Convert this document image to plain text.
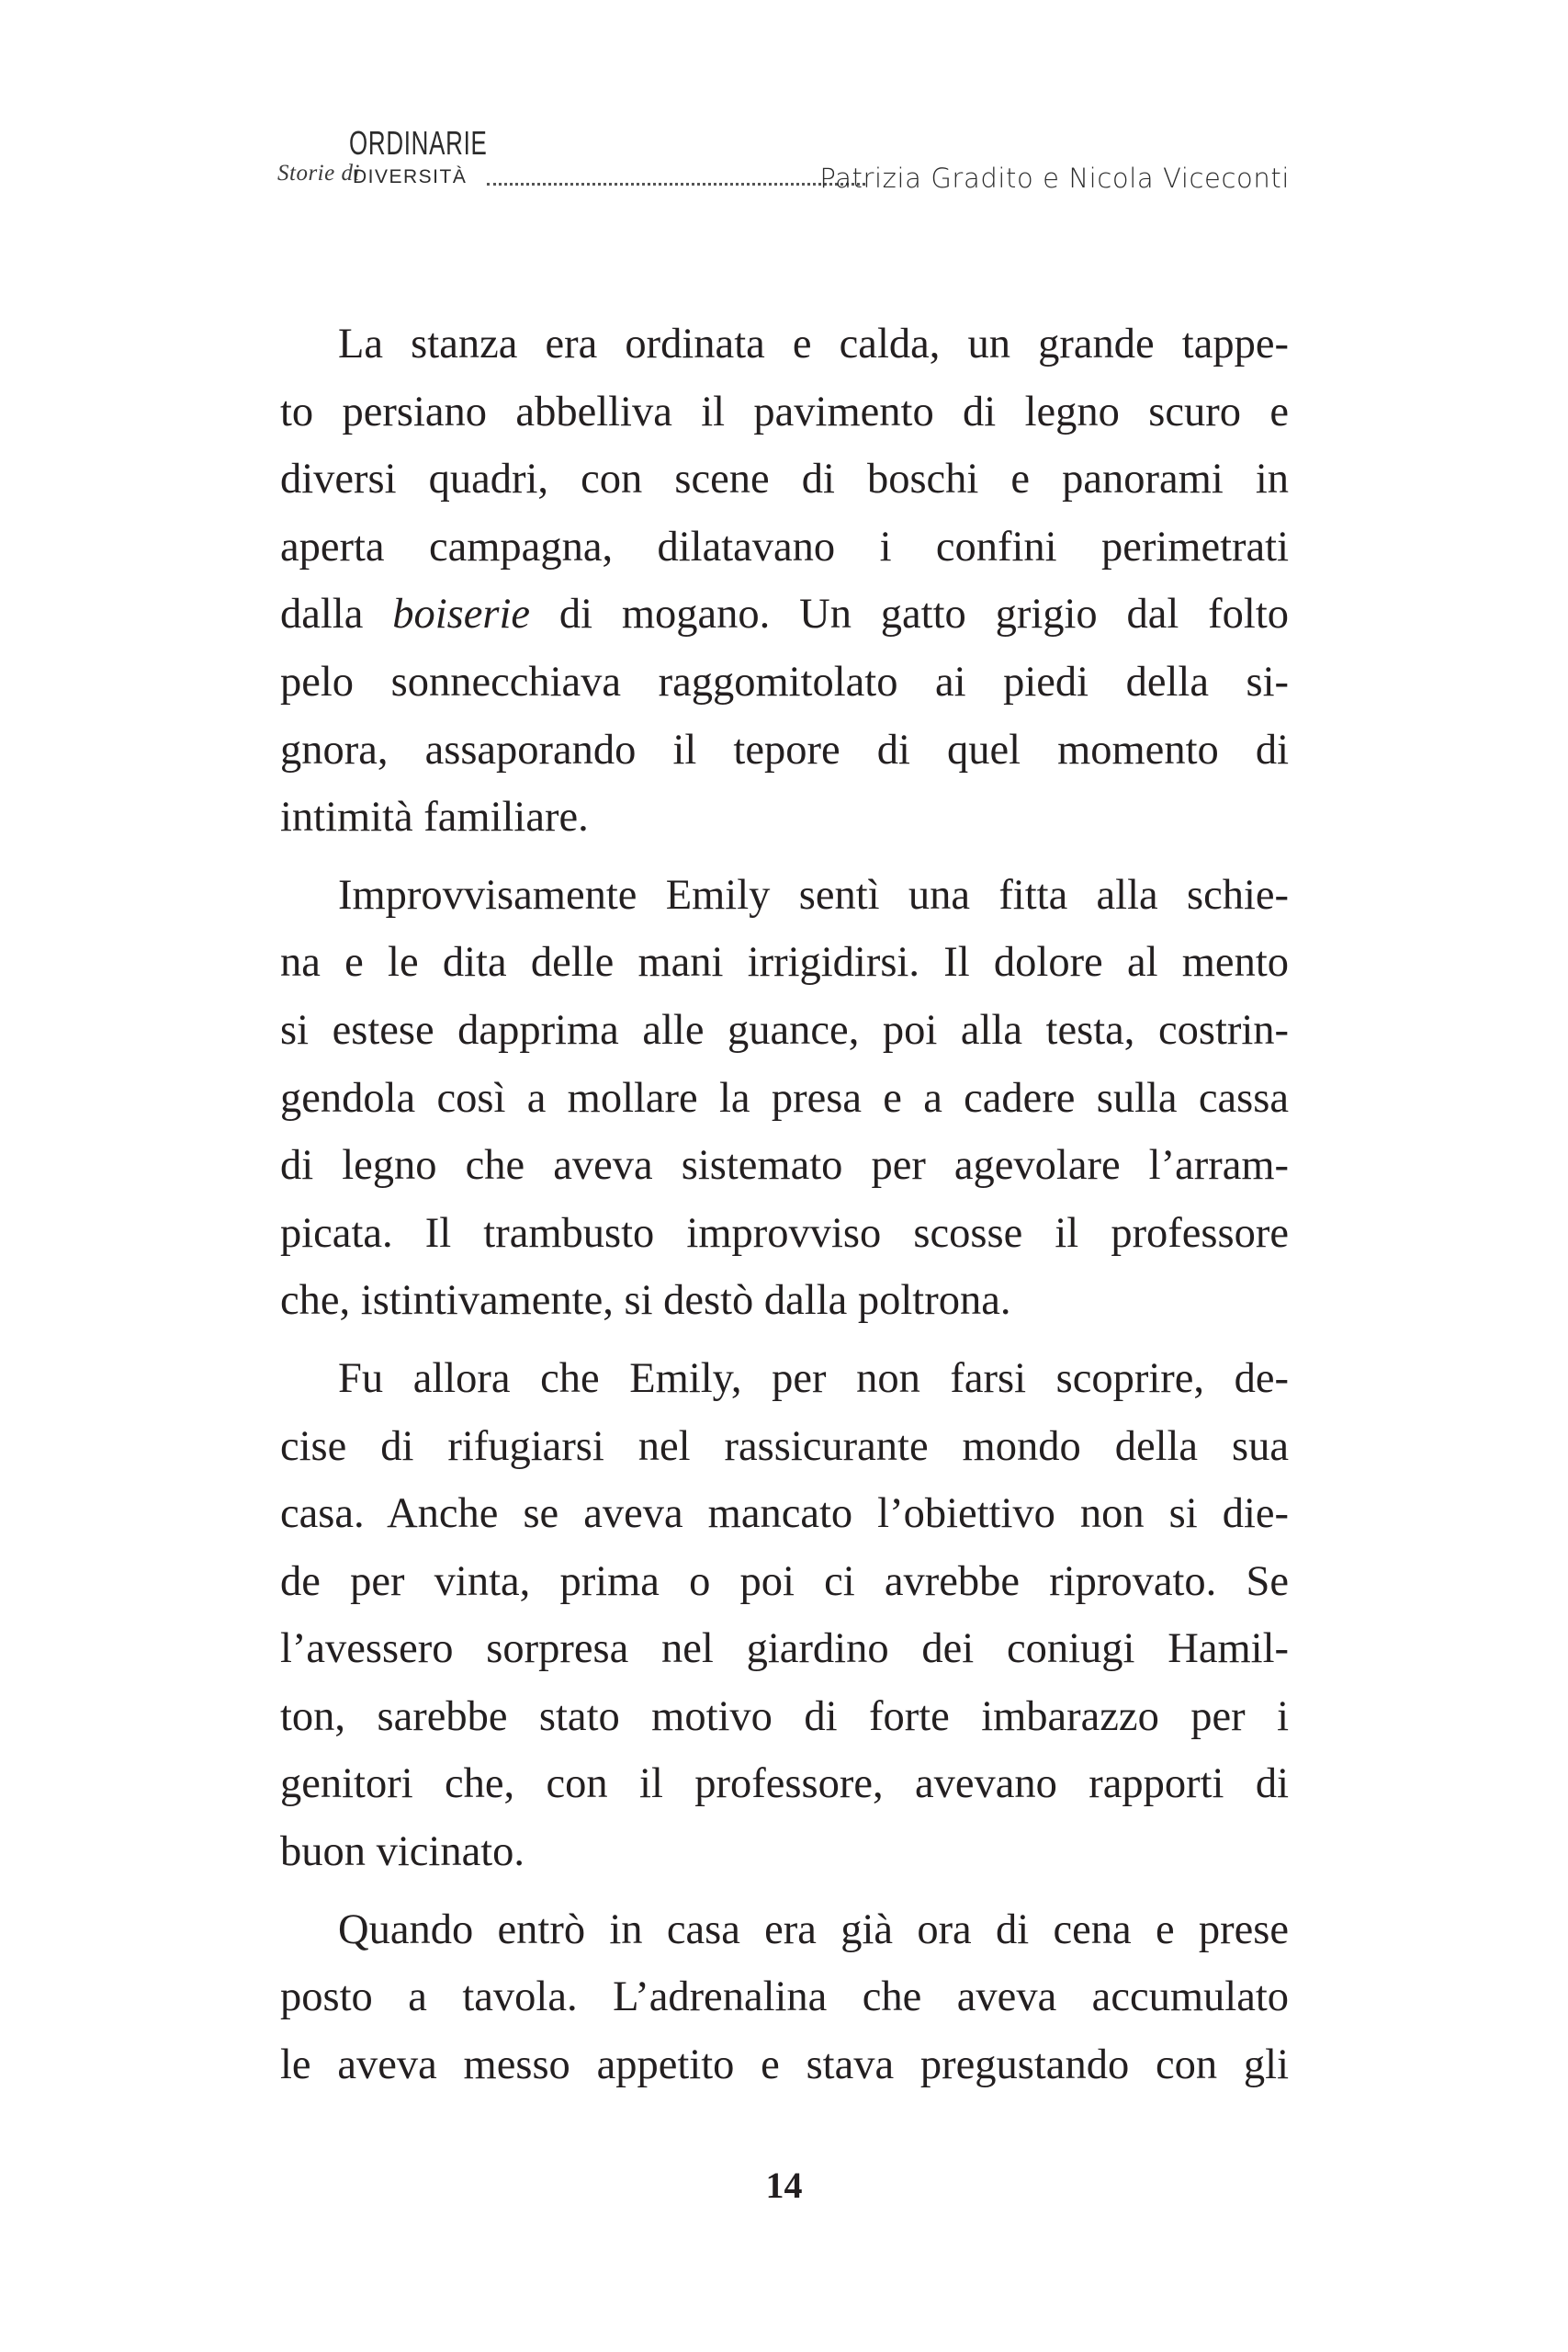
Storie di
ORDINARIE
DIVERSITÀ	Patrizia Gradito e Nicola Viceconti

La stanza era ordinata e calda, un grande tappe-
to persiano abbelliva il pavimento di legno scuro e
diversi quadri, con scene di boschi e panorami in
aperta campagna, dilatavano i confini perimetrati
dalla boiserie di mogano. Un gatto grigio dal folto
pelo sonnecchiava raggomitolato ai piedi della si-
gnora, assaporando il tepore di quel momento di
intimità familiare.

Improvvisamente Emily sentì una fitta alla schie-
na e le dita delle mani irrigidirsi. Il dolore al mento
si estese dapprima alle guance, poi alla testa, costrin-
gendola così a mollare la presa e a cadere sulla cassa
di legno che aveva sistemato per agevolare l’arram-
picata. Il trambusto improvviso scosse il professore
che, istintivamente, si destò dalla poltrona.

Fu allora che Emily, per non farsi scoprire, de-
cise di rifugiarsi nel rassicurante mondo della sua
casa. Anche se aveva mancato l’obiettivo non si die-
de per vinta, prima o poi ci avrebbe riprovato. Se
l’avessero sorpresa nel giardino dei coniugi Hamil-
ton, sarebbe stato motivo di forte imbarazzo per i
genitori che, con il professore, avevano rapporti di
buon vicinato.

Quando entrò in casa era già ora di cena e prese
posto a tavola. L’adrenalina che aveva accumulato
le aveva messo appetito e stava pregustando con gli

14
